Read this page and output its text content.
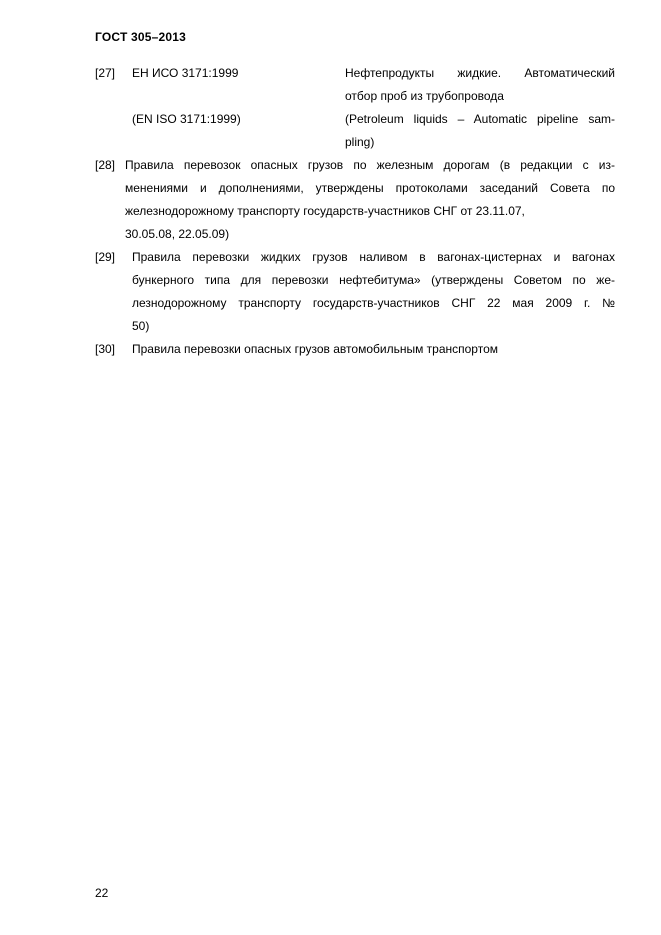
ГОСТ 305–2013
[27] ЕН ИСО 3171:1999

(EN ISO 3171:1999)

Нефтепродукты жидкие. Автоматический
отбор проб из трубопровода
(Petroleum liquids – Automatic pipeline sam-
pling)
[28] Правила перевозок опасных грузов по железным дорогам (в редакции с из-
менениями и дополнениями, утверждены протоколами заседаний Совета по
железнодорожному транспорту государств-участников СНГ от 23.11.07,
30.05.08, 22.05.09)
[29] Правила перевозки жидких грузов наливом в вагонах-цистернах и вагонах
бункерного типа для перевозки нефтебитума» (утверждены Советом по же-
лезнодорожному транспорту государств-участников СНГ 22 мая 2009 г. №
50)
[30] Правила перевозки опасных грузов автомобильным транспортом
22
